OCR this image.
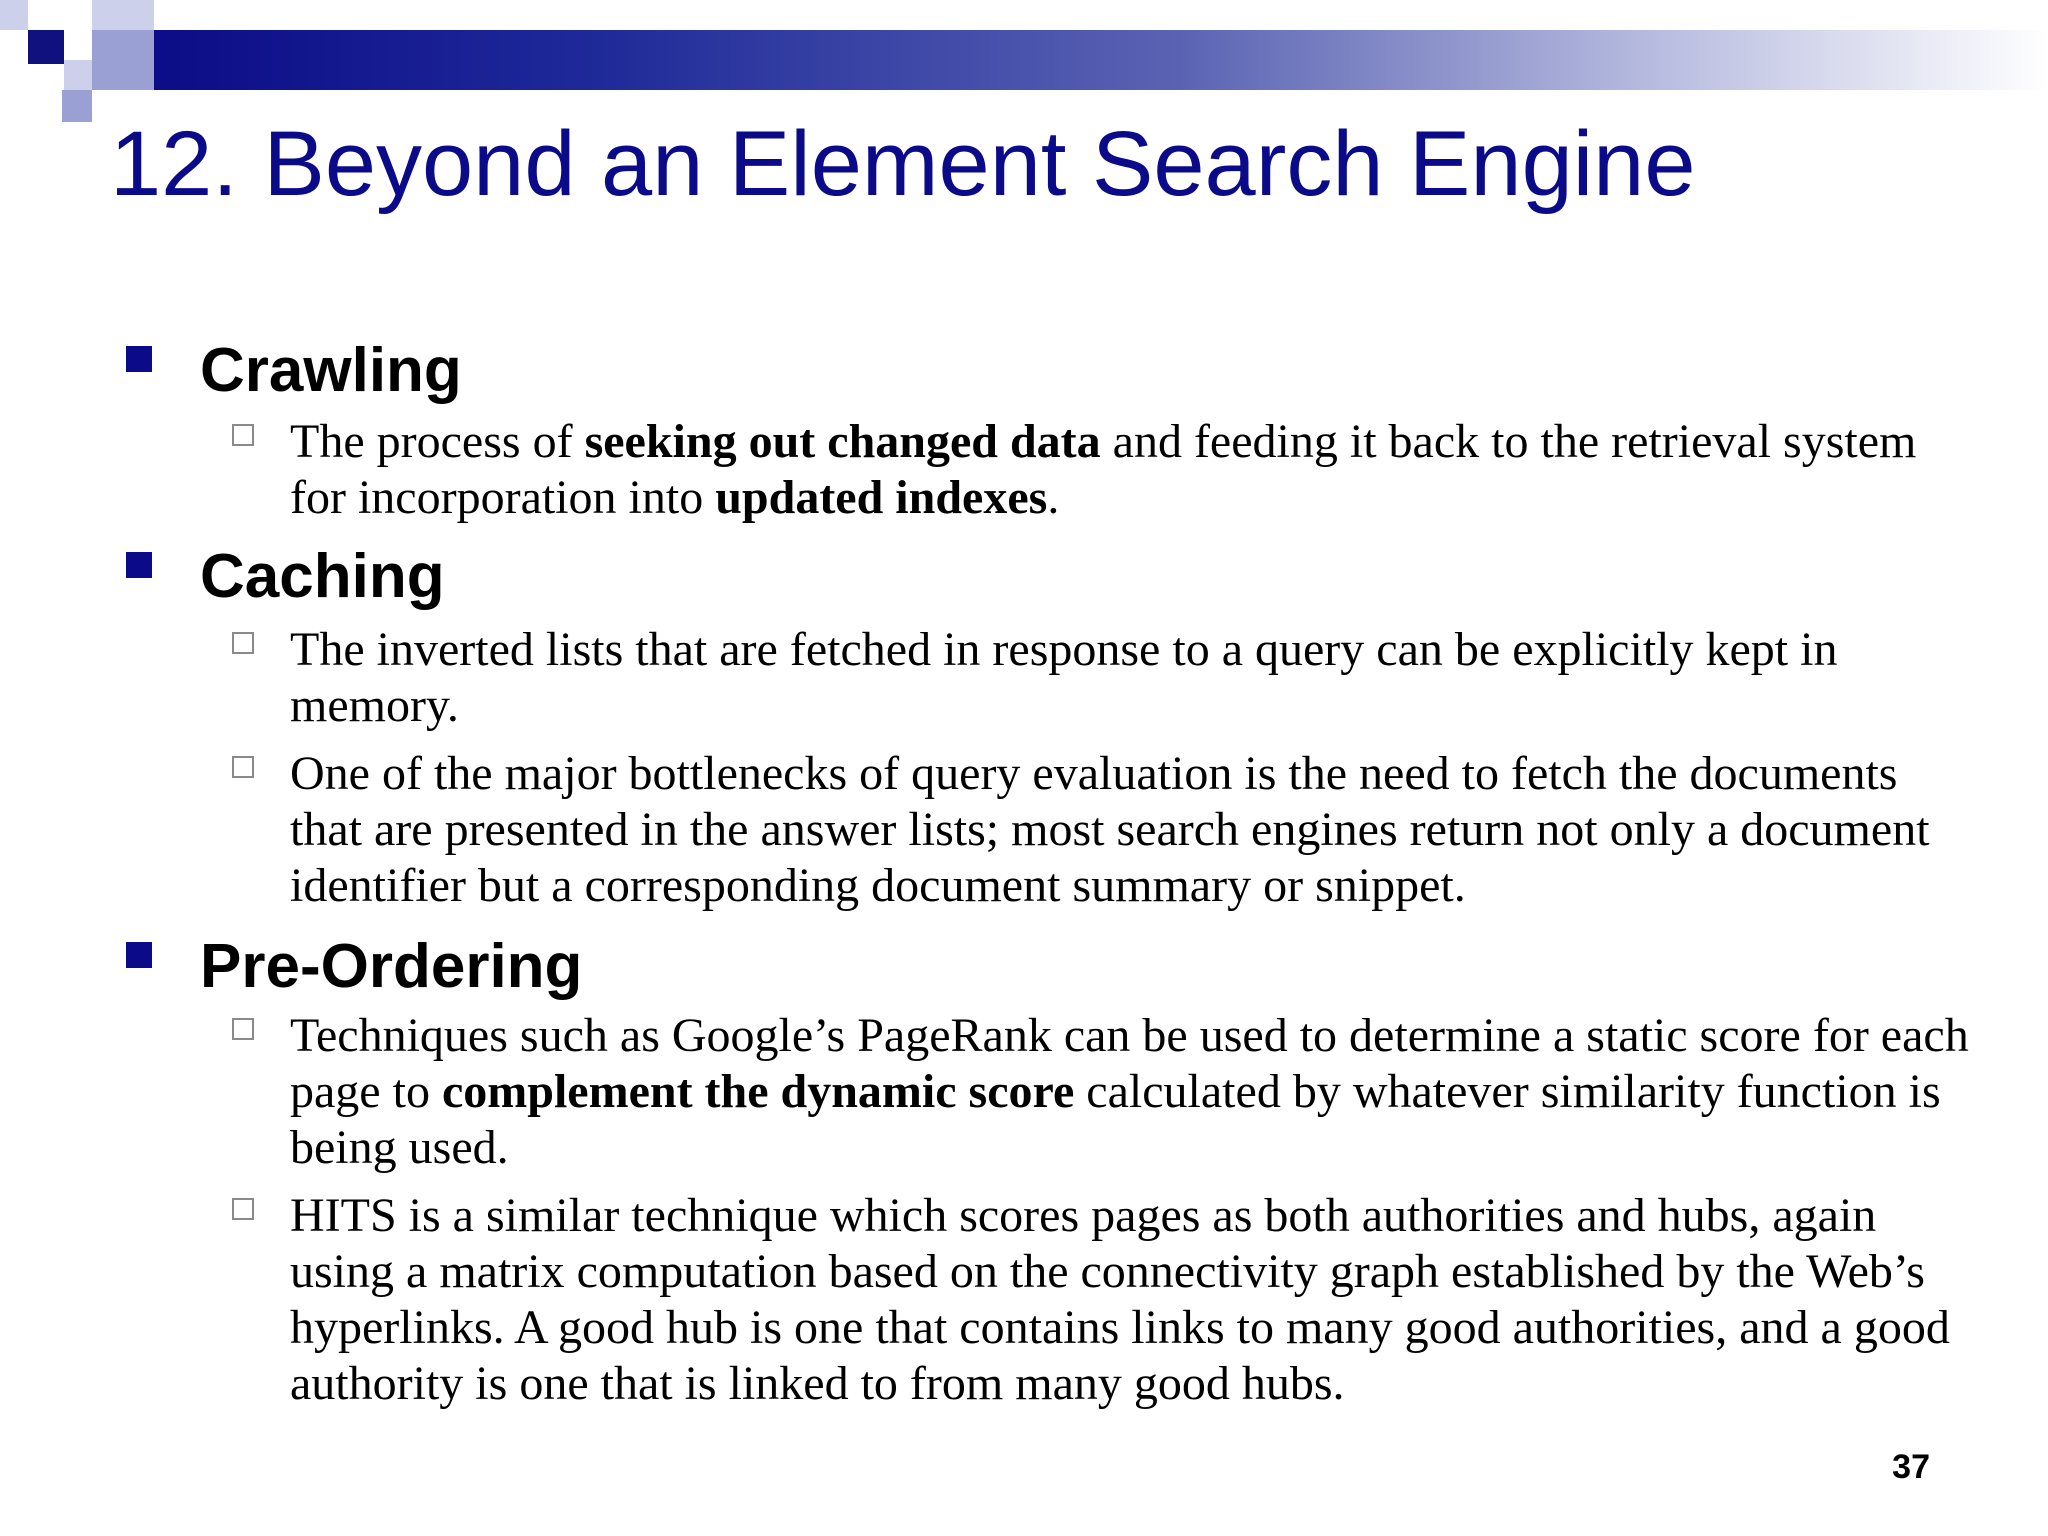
12. Beyond an Element Search Engine
Crawling
The process of seeking out changed data and feeding it back to the retrieval system for incorporation into updated indexes.
Caching
The inverted lists that are fetched in response to a query can be explicitly kept in memory.
One of the major bottlenecks of query evaluation is the need to fetch the documents that are presented in the answer lists; most search engines return not only a document identifier but a corresponding document summary or snippet.
Pre-Ordering
Techniques such as Google’s PageRank can be used to determine a static score for each page to complement the dynamic score calculated by whatever similarity function is being used.
HITS is a similar technique which scores pages as both authorities and hubs, again using a matrix computation based on the connectivity graph established by the Web’s hyperlinks. A good hub is one that contains links to many good authorities, and a good authority is one that is linked to from many good hubs.
37
